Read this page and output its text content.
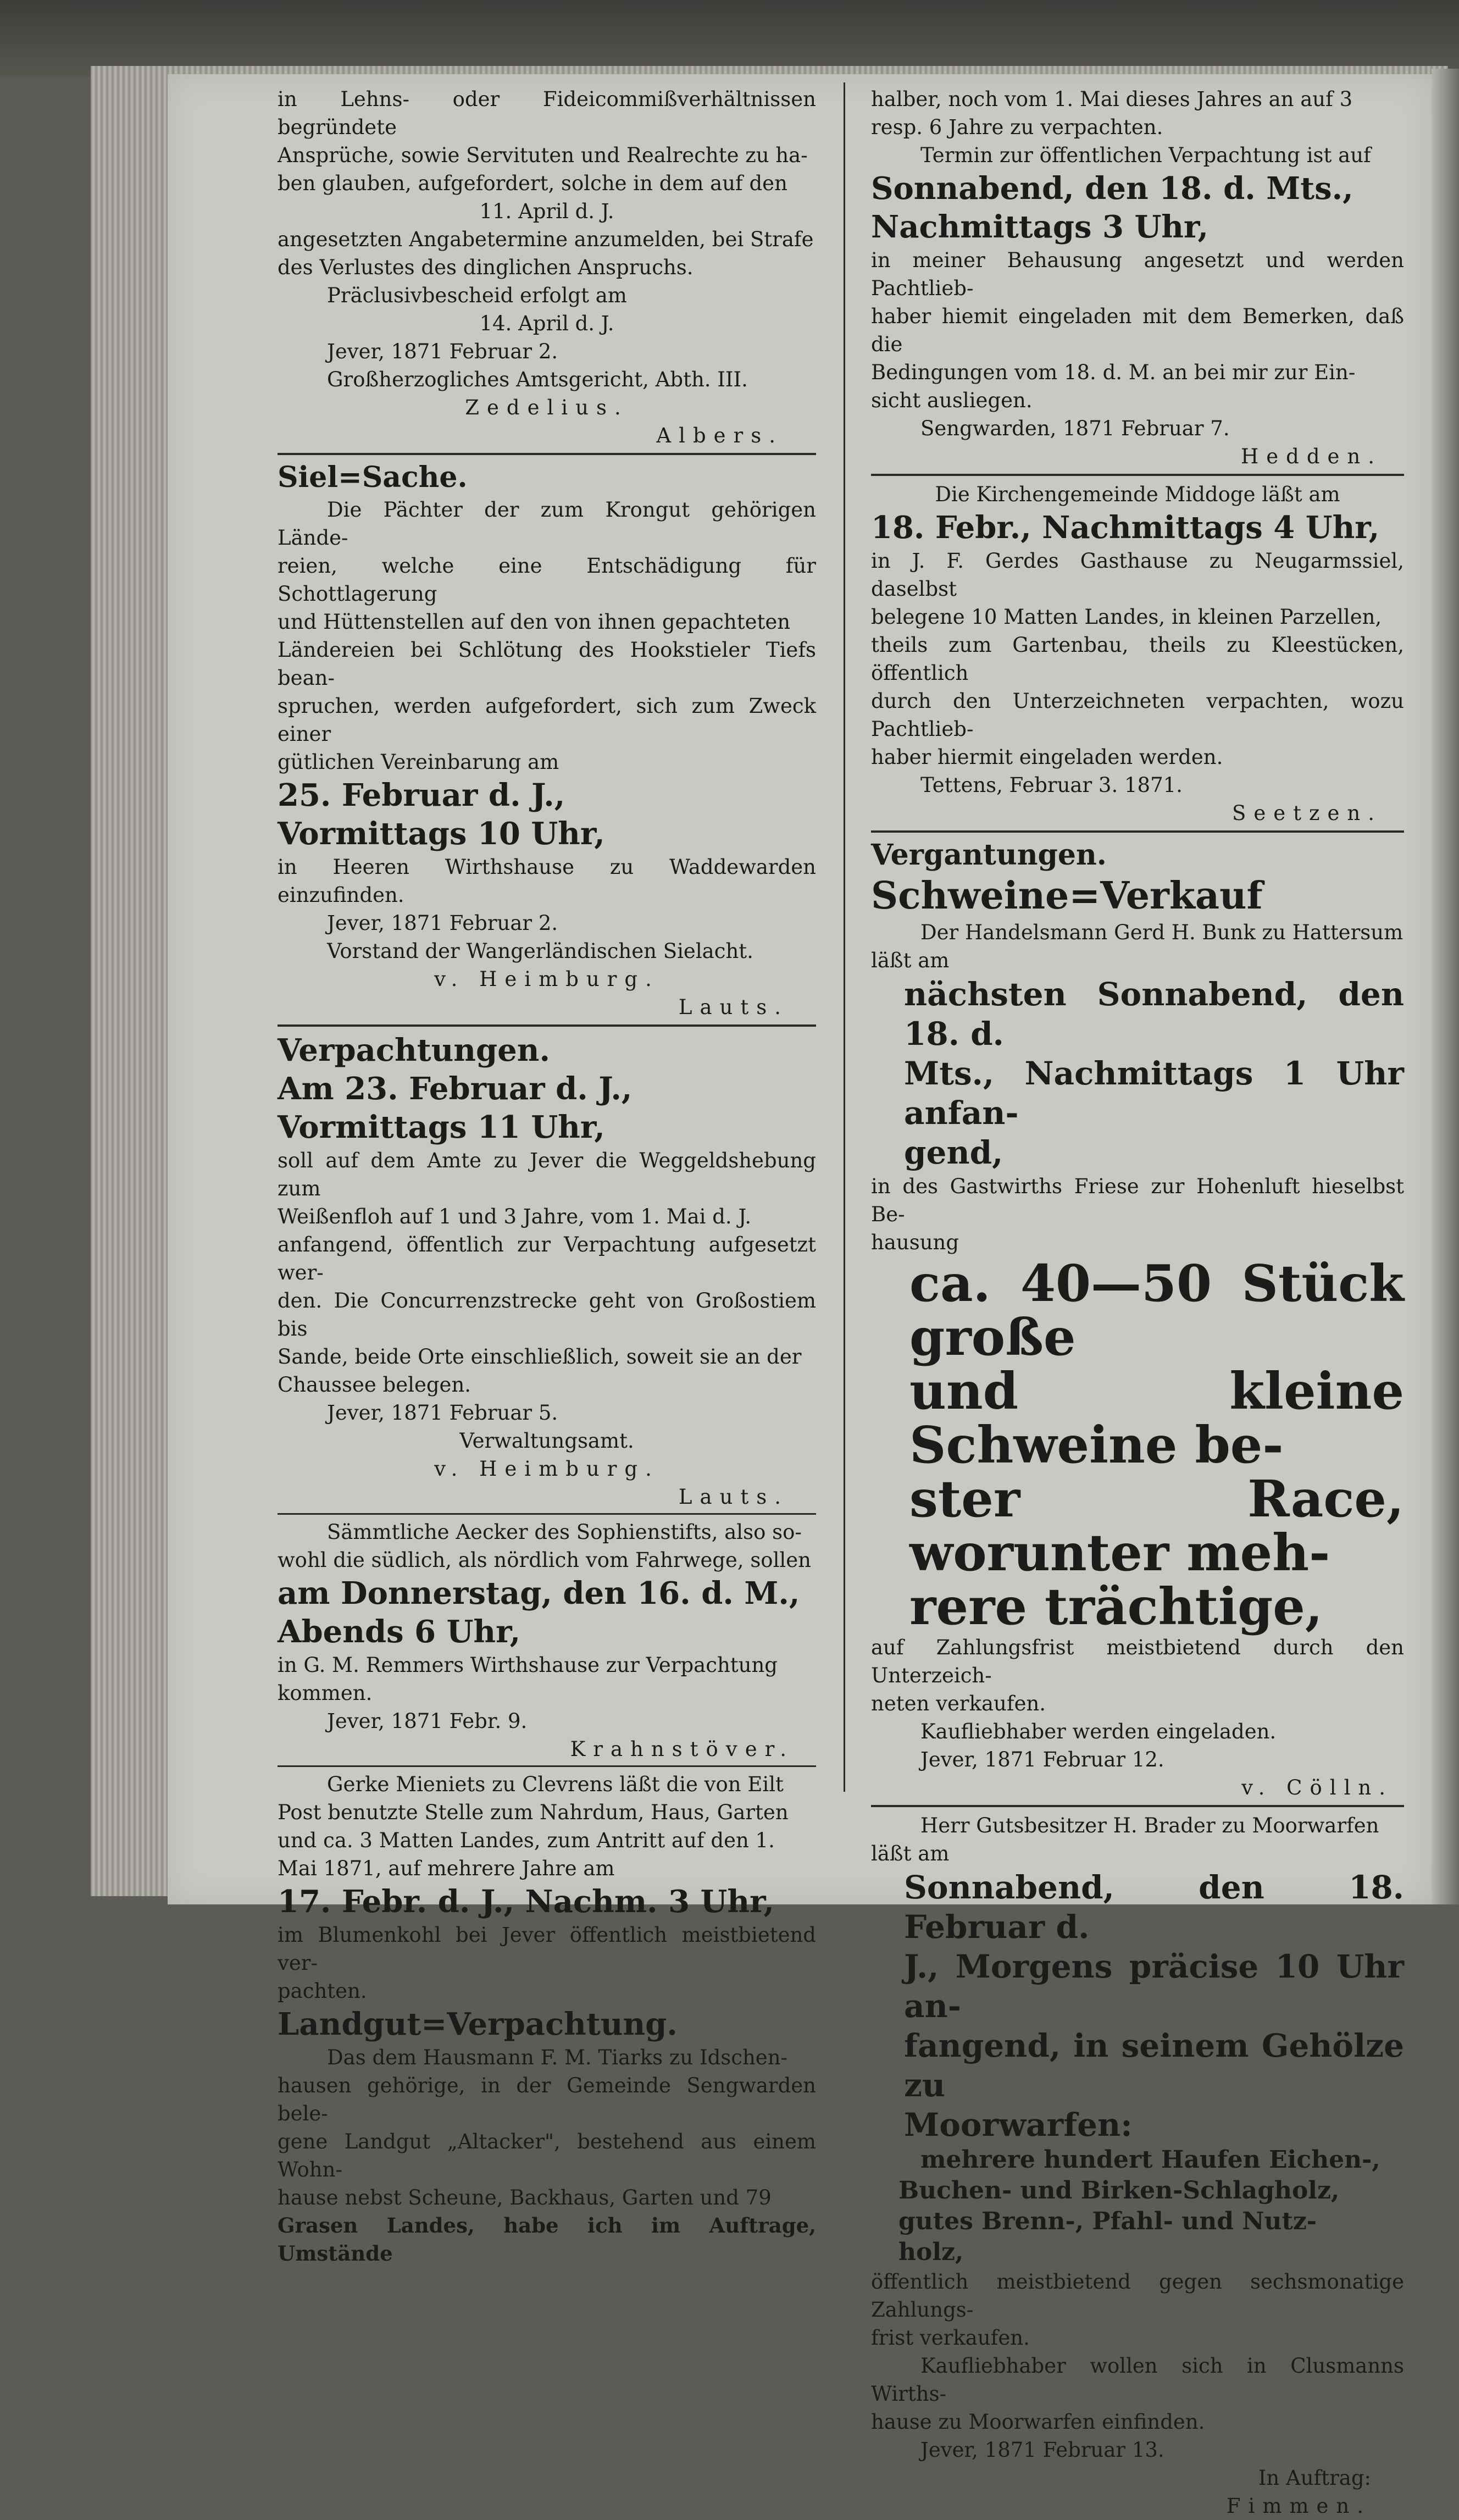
in Lehns- oder Fideicommißverhältnissen begründete

Ansprüche, sowie Servituten und Realrechte zu ha-

ben glauben, aufgefordert, solche in dem auf den

11. April d. J.

angesetzten Angabetermine anzumelden, bei Strafe

des Verlustes des dinglichen Anspruchs.

Präclusivbescheid erfolgt am

14. April d. J.

Jever, 1871 Februar 2.

Großherzogliches Amtsgericht, Abth. III.

Zedelius.

Albers.

Siel=Sache.

Die Pächter der zum Krongut gehörigen Lände-

reien, welche eine Entschädigung für Schottlagerung

und Hüttenstellen auf den von ihnen gepachteten

Ländereien bei Schlötung des Hookstieler Tiefs bean-

spruchen, werden aufgefordert, sich zum Zweck einer

gütlichen Vereinbarung am

25. Februar d. J.,

Vormittags 10 Uhr,

in Heeren Wirthshause zu Waddewarden einzufinden.

Jever, 1871 Februar 2.

Vorstand der Wangerländischen Sielacht.

v. Heimburg.

Lauts.

Verpachtungen.

Am 23. Februar d. J.,

Vormittags 11 Uhr,

soll auf dem Amte zu Jever die Weggeldshebung zum

Weißenfloh auf 1 und 3 Jahre, vom 1. Mai d. J.

anfangend, öffentlich zur Verpachtung aufgesetzt wer-

den. Die Concurrenzstrecke geht von Großostiem bis

Sande, beide Orte einschließlich, soweit sie an der

Chaussee belegen.

Jever, 1871 Februar 5.

Verwaltungsamt.

v. Heimburg.

Lauts.

Sämmtliche Aecker des Sophienstifts, also so-

wohl die südlich, als nördlich vom Fahrwege, sollen

am Donnerstag, den 16. d. M.,

Abends 6 Uhr,

in G. M. Remmers Wirthshause zur Verpachtung

kommen.

Jever, 1871 Febr. 9.

Krahnstöver.

Gerke Mieniets zu Clevrens läßt die von Eilt

Post benutzte Stelle zum Nahrdum, Haus, Garten

und ca. 3 Matten Landes, zum Antritt auf den 1.

Mai 1871, auf mehrere Jahre am

17. Febr. d. J., Nachm. 3 Uhr,

im Blumenkohl bei Jever öffentlich meistbietend ver-

pachten.

Landgut=Verpachtung.

Das dem Hausmann F. M. Tiarks zu Idschen-

hausen gehörige, in der Gemeinde Sengwarden bele-

gene Landgut „Altacker", bestehend aus einem Wohn-

hause nebst Scheune, Backhaus, Garten und 79

Grasen Landes, habe ich im Auftrage, Umstände

halber, noch vom 1. Mai dieses Jahres an auf 3

resp. 6 Jahre zu verpachten.

Termin zur öffentlichen Verpachtung ist auf

Sonnabend, den 18. d. Mts.,

Nachmittags 3 Uhr,

in meiner Behausung angesetzt und werden Pachtlieb-

haber hiemit eingeladen mit dem Bemerken, daß die

Bedingungen vom 18. d. M. an bei mir zur Ein-

sicht ausliegen.

Sengwarden, 1871 Februar 7.

Hedden.

Die Kirchengemeinde Middoge läßt am

18. Febr., Nachmittags 4 Uhr,

in J. F. Gerdes Gasthause zu Neugarmssiel, daselbst

belegene 10 Matten Landes, in kleinen Parzellen,

theils zum Gartenbau, theils zu Kleestücken, öffentlich

durch den Unterzeichneten verpachten, wozu Pachtlieb-

haber hiermit eingeladen werden.

Tettens, Februar 3. 1871.

Seetzen.

Vergantungen.

Schweine=Verkauf

Der Handelsmann Gerd H. Bunk zu Hattersum

läßt am

nächsten Sonnabend, den 18. d.

Mts., Nachmittags 1 Uhr anfan-

gend,

in des Gastwirths Friese zur Hohenluft hieselbst Be-

hausung

ca. 40—50 Stück große

und kleine Schweine be-

ster Race, worunter meh-

rere trächtige,

auf Zahlungsfrist meistbietend durch den Unterzeich-

neten verkaufen.

Kaufliebhaber werden eingeladen.

Jever, 1871 Februar 12.

v. Cölln.

Herr Gutsbesitzer H. Brader zu Moorwarfen

läßt am

Sonnabend, den 18. Februar d.

J., Morgens präcise 10 Uhr an-

fangend, in seinem Gehölze zu

Moorwarfen:

mehrere hundert Haufen Eichen-,

Buchen- und Birken-Schlagholz,

gutes Brenn-, Pfahl- und Nutz-

holz,

öffentlich meistbietend gegen sechsmonatige Zahlungs-

frist verkaufen.

Kaufliebhaber wollen sich in Clusmanns Wirths-

hause zu Moorwarfen einfinden.

Jever, 1871 Februar 13.

In Auftrag:

Fimmen.
